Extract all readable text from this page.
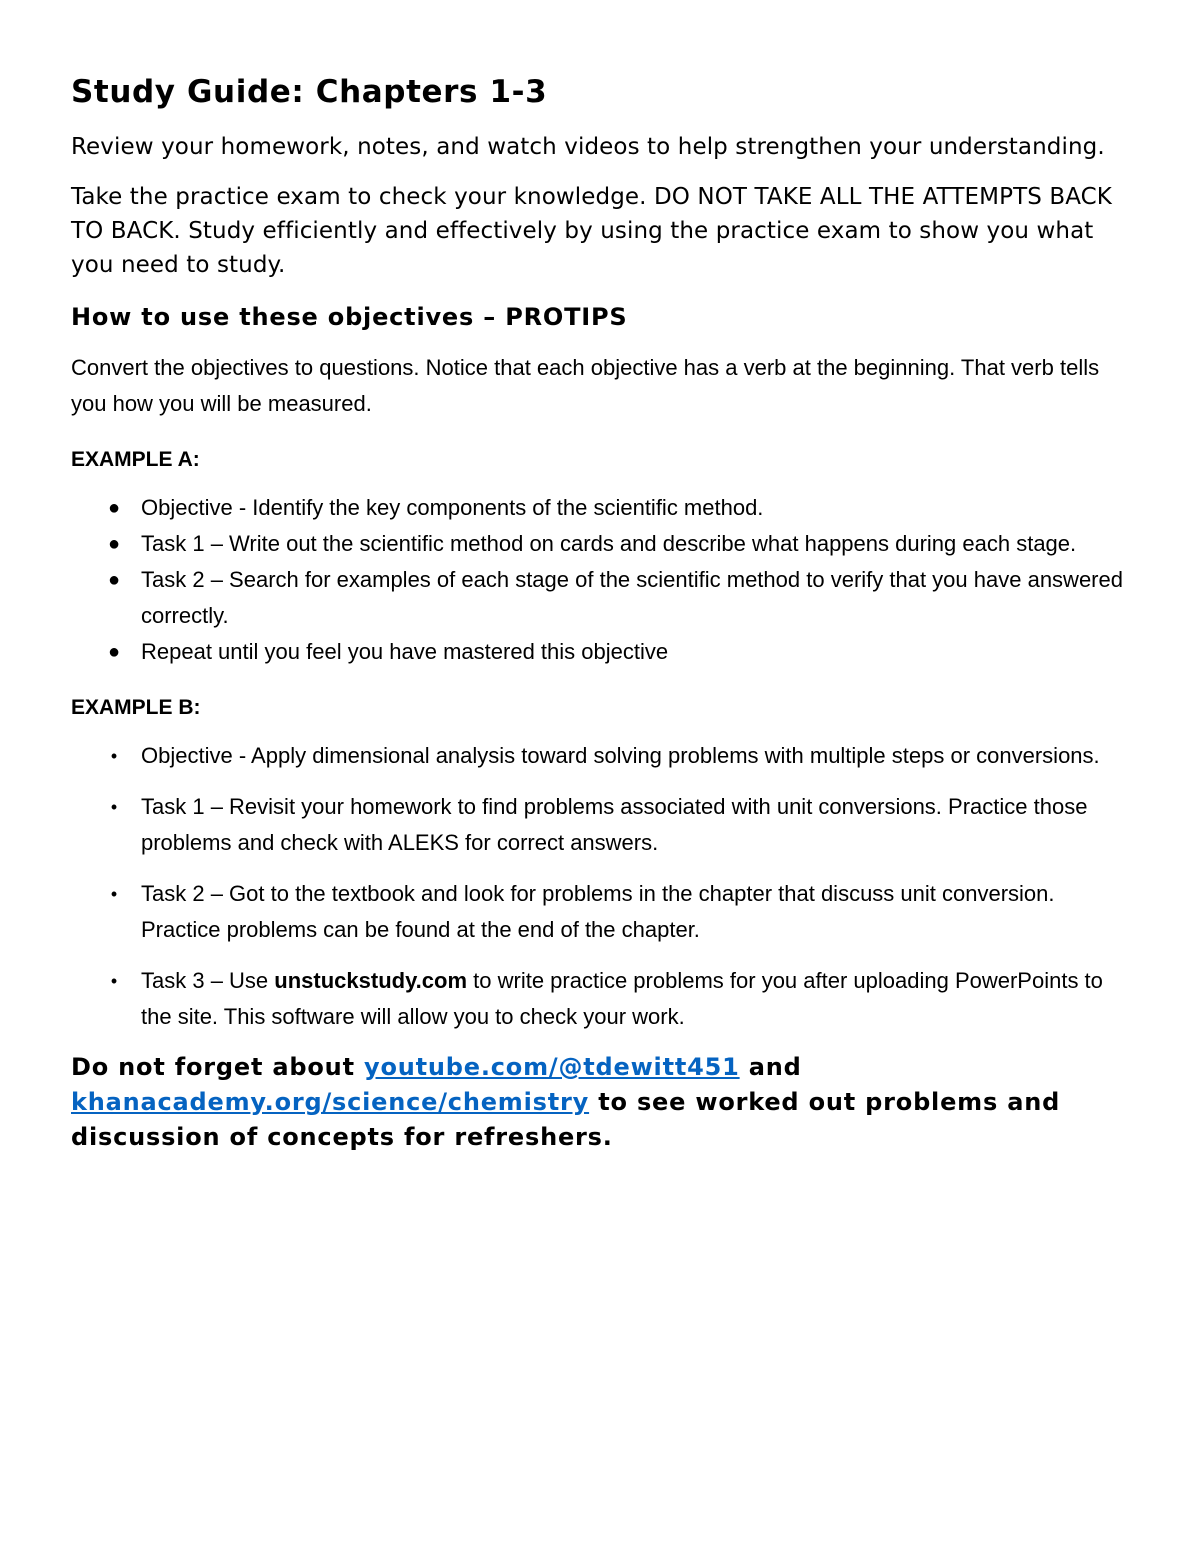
Study Guide: Chapters 1-3

Review your homework, notes, and watch videos to help strengthen your understanding.

Take the practice exam to check your knowledge. DO NOT TAKE ALL THE ATTEMPTS BACK TO BACK. Study efficiently and effectively by using the practice exam to show you what you need to study.

How to use these objectives – PROTIPS

Convert the objectives to questions. Notice that each objective has a verb at the beginning. That verb tells you how you will be measured.

EXAMPLE A:
● Objective - Identify the key components of the scientific method.
● Task 1 – Write out the scientific method on cards and describe what happens during each stage.
● Task 2 – Search for examples of each stage of the scientific method to verify that you have answered correctly.
● Repeat until you feel you have mastered this objective
EXAMPLE B:
•	Objective - Apply dimensional analysis toward solving problems with multiple steps or conversions.
•	Task 1 – Revisit your homework to find problems associated with unit conversions. Practice those problems and check with ALEKS for correct answers.
•	Task 2 – Got to the textbook and look for problems in the chapter that discuss unit conversion. Practice problems can be found at the end of the chapter.
•	Task 3 – Use unstuckstudy.com to write practice problems for you after uploading PowerPoints to the site. This software will allow you to check your work.

Do not forget about youtube.com/@tdewitt451 and khanacademy.org/science/chemistry to see worked out problems and discussion of concepts for refreshers.
